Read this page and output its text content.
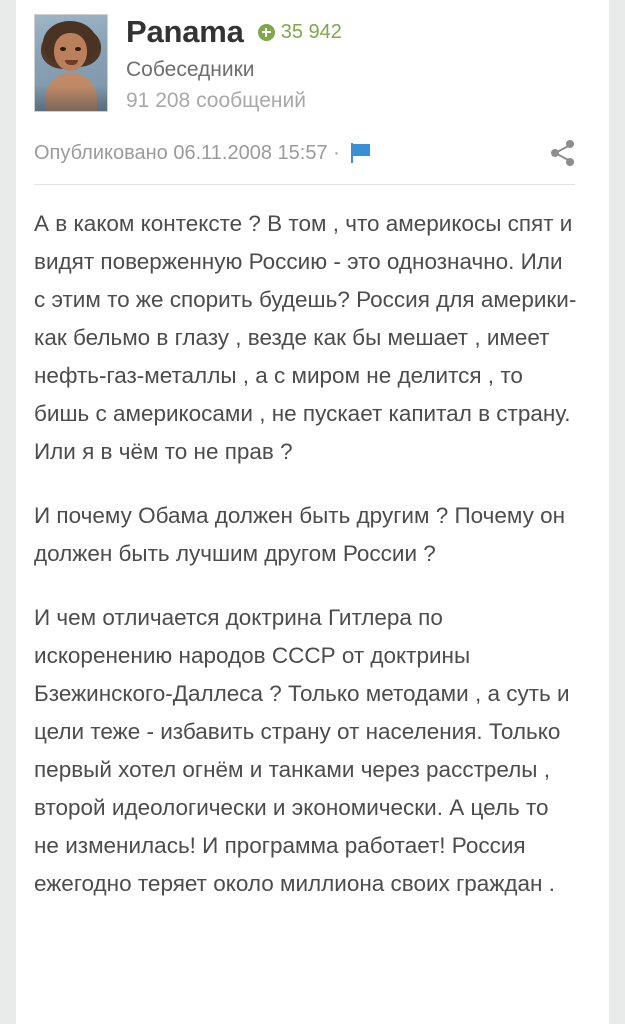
Panama 35 942
Собеседники
91 208 сообщений
Опубликовано 06.11.2008 15:57 ·

А в каком контексте ? В том , что америкосы спят и видят поверженную Россию - это однозначно. Или с этим то же спорить будешь? Россия для америки- как бельмо в глазу , везде как бы мешает , имеет нефть-газ-металлы , а с миром не делится , то бишь с америкосами , не пускает капитал в страну. Или я в чём то не прав ?

И почему Обама должен быть другим ? Почему он должен быть лучшим другом России ?

И чем отличается доктрина Гитлера по искоренению народов СССР от доктрины Бзежинского-Даллеса ? Только методами , а суть и цели теже - избавить страну от населения. Только первый хотел огнём и танками через расстрелы , второй идеологически и экономически. А цель то не изменилась! И программа работает! Россия ежегодно теряет около миллиона своих граждан .
